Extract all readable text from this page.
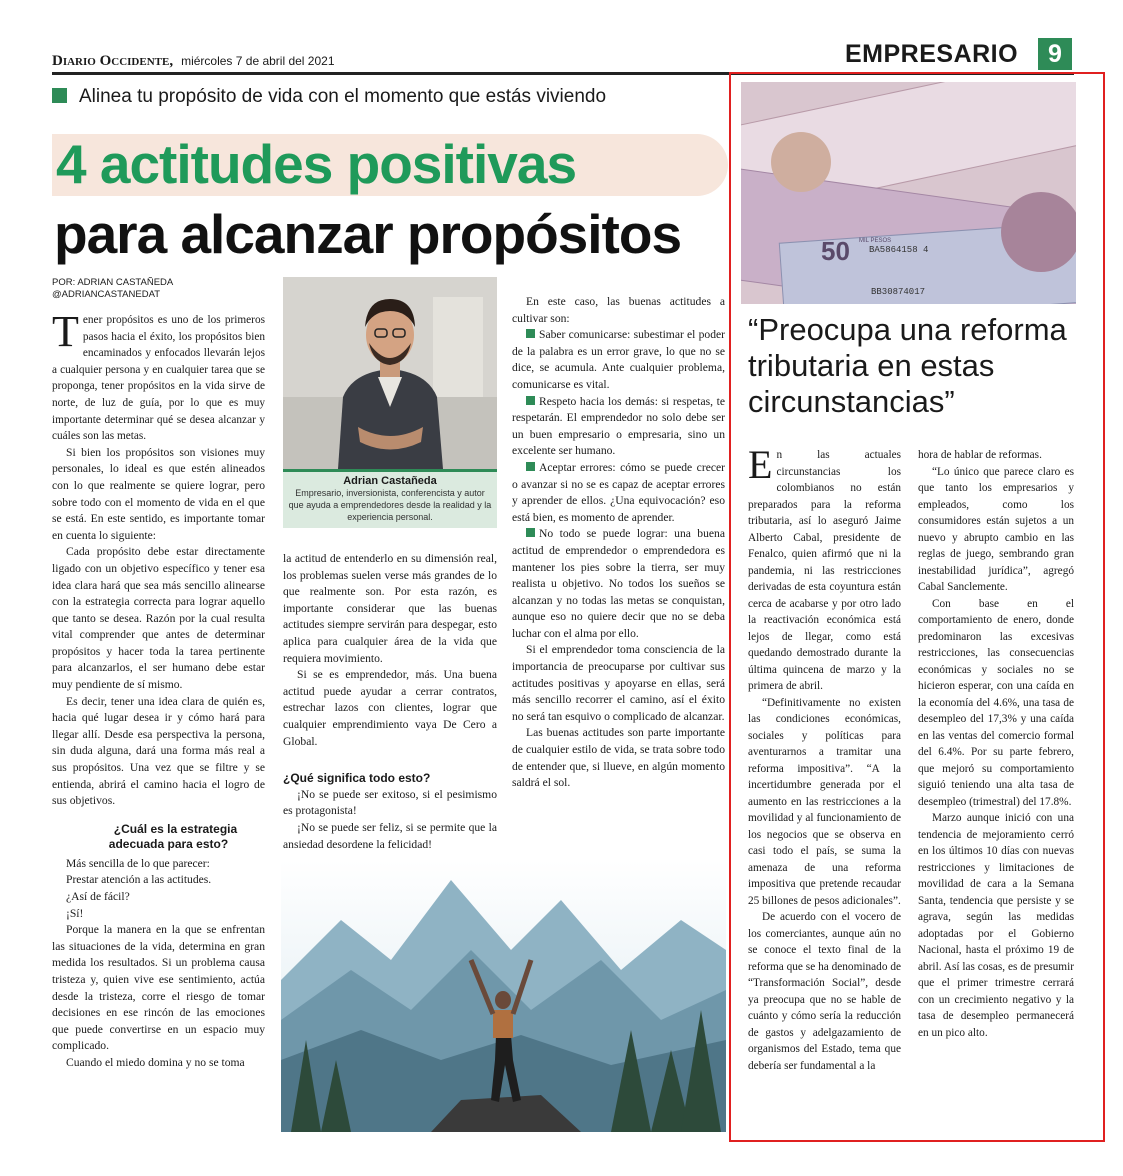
Diario Occidente, miércoles 7 de abril del 2021	EMPRESARIO	9
Alinea tu propósito de vida con el momento que estás viviendo
4 actitudes positivas
para alcanzar propósitos
POR: ADRIAN CASTAÑEDA
@ADRIANCASTANEDAT

Tener propósitos es uno de los primeros pasos hacia el éxito, los propósitos bien encaminados y enfocados llevarán lejos a cualquier persona y en cualquier tarea que se proponga, tener propósitos en la vida sirve de norte, de luz de guía, por lo que es muy importante determinar qué se desea alcanzar y cuáles son las metas.

Si bien los propósitos son visiones muy personales, lo ideal es que estén alineados con lo que realmente se quiere lograr, pero sobre todo con el momento de vida en el que se está. En este sentido, es importante tomar en cuenta lo siguiente:

Cada propósito debe estar directamente ligado con un objetivo específico y tener esa idea clara hará que sea más sencillo alinearse con la estrategia correcta para lograr aquello que tanto se desea. Razón por la cual resulta vital comprender que antes de determinar propósitos y hacer toda la tarea pertinente para alcanzarlos, el ser humano debe estar muy pendiente de sí mismo.

Es decir, tener una idea clara de quién es, hacia qué lugar desea ir y cómo hará para llegar allí. Desde esa perspectiva la persona, sin duda alguna, dará una forma más real a sus propósitos. Una vez que se filtre y se entienda, abrirá el camino hacia el logro de sus objetivos.

¿Cuál es la estrategia adecuada para esto?

Más sencilla de lo que parecer:

Prestar atención a las actitudes.

¿Así de fácil?

¡Sí!

Porque la manera en la que se enfrentan las situaciones de la vida, determina en gran medida los resultados. Si un problema causa tristeza y, quien vive ese sentimiento, actúa desde la tristeza, corre el riesgo de tomar decisiones en ese rincón de las emociones que puede convertirse en un espacio muy complicado.

Cuando el miedo domina y no se toma

Adrian Castañeda
Empresario, inversionista, conferencista y autor que ayuda a emprendedores desde la realidad y la experiencia personal.

la actitud de entenderlo en su dimensión real, los problemas suelen verse más grandes de lo que realmente son. Por esta razón, es importante considerar que las buenas actitudes siempre servirán para despegar, esto aplica para cualquier área de la vida que requiera movimiento.

Si se es emprendedor, más. Una buena actitud puede ayudar a cerrar contratos, estrechar lazos con clientes, lograr que cualquier emprendimiento vaya De Cero a Global.

¿Qué significa todo esto?

¡No se puede ser exitoso, si el pesimismo es protagonista!

¡No se puede ser feliz, si se permite que la ansiedad desordene la felicidad!

En este caso, las buenas actitudes a cultivar son:

Saber comunicarse: subestimar el poder de la palabra es un error grave, lo que no se dice, se acumula. Ante cualquier problema, comunicarse es vital.

Respeto hacia los demás: si respetas, te respetarán. El emprendedor no solo debe ser un buen empresario o empresaria, sino un excelente ser humano.

Aceptar errores: cómo se puede crecer o avanzar si no se es capaz de aceptar errores y aprender de ellos. ¿Una equivocación? eso está bien, es momento de aprender.

No todo se puede lograr: una buena actitud de emprendedor o emprendedora es mantener los pies sobre la tierra, ser muy realista u objetivo. No todos los sueños se alcanzan y no todas las metas se conquistan, aunque eso no quiere decir que no se deba luchar con el alma por ello.

Si el emprendedor toma consciencia de la importancia de preocuparse por cultivar sus actitudes positivas y apoyarse en ellas, será más sencillo recorrer el camino, así el éxito no será tan esquivo o complicado de alcanzar.

Las buenas actitudes son parte importante de cualquier estilo de vida, se trata sobre todo de entender que, si llueve, en algún momento saldrá el sol.

50 MIL PESOS
BA5864158 4
BB30874017
“Preocupa una reforma tributaria en estas circunstancias”

En las actuales circunstancias los colombianos no están preparados para la reforma tributaria, así lo aseguró Jaime Alberto Cabal, presidente de Fenalco, quien afirmó que ni la pandemia, ni las restricciones derivadas de esta coyuntura están cerca de acabarse y por otro lado la reactivación económica está lejos de llegar, como está quedando demostrado durante la última quincena de marzo y la primera de abril.

“Definitivamente no existen las condiciones económicas, sociales y políticas para aventurarnos a tramitar una reforma impositiva”. “A la incertidumbre generada por el aumento en las restricciones a la movilidad y al funcionamiento de los negocios que se observa en casi todo el país, se suma la amenaza de una reforma impositiva que pretende recaudar 25 billones de pesos adicionales”.

De acuerdo con el vocero de los comerciantes, aunque aún no se conoce el texto final de la reforma que se ha denominado de “Transformación Social”, desde ya preocupa que no se hable de cuánto y cómo sería la reducción de gastos y adelgazamiento de organismos del Estado, tema que debería ser fundamental a la

hora de hablar de reformas.

“Lo único que parece claro es que tanto los empresarios y empleados, como los consumidores están sujetos a un nuevo y abrupto cambio en las reglas de juego, sembrando gran inestabilidad jurídica”, agregó Cabal Sanclemente.

Con base en el comportamiento de enero, donde predominaron las excesivas restricciones, las consecuencias económicas y sociales no se hicieron esperar, con una caída en la economía del 4.6%, una tasa de desempleo del 17,3% y una caída en las ventas del comercio formal del 6.4%. Por su parte febrero, que mejoró su comportamiento siguió teniendo una alta tasa de desempleo (trimestral) del 17.8%.

Marzo aunque inició con una tendencia de mejoramiento cerró en los últimos 10 días con nuevas restricciones y limitaciones de movilidad de cara a la Semana Santa, tendencia que persiste y se agrava, según las medidas adoptadas por el Gobierno Nacional, hasta el próximo 19 de abril. Así las cosas, es de presumir que el primer trimestre cerrará con un crecimiento negativo y la tasa de desempleo permanecerá en un pico alto.
